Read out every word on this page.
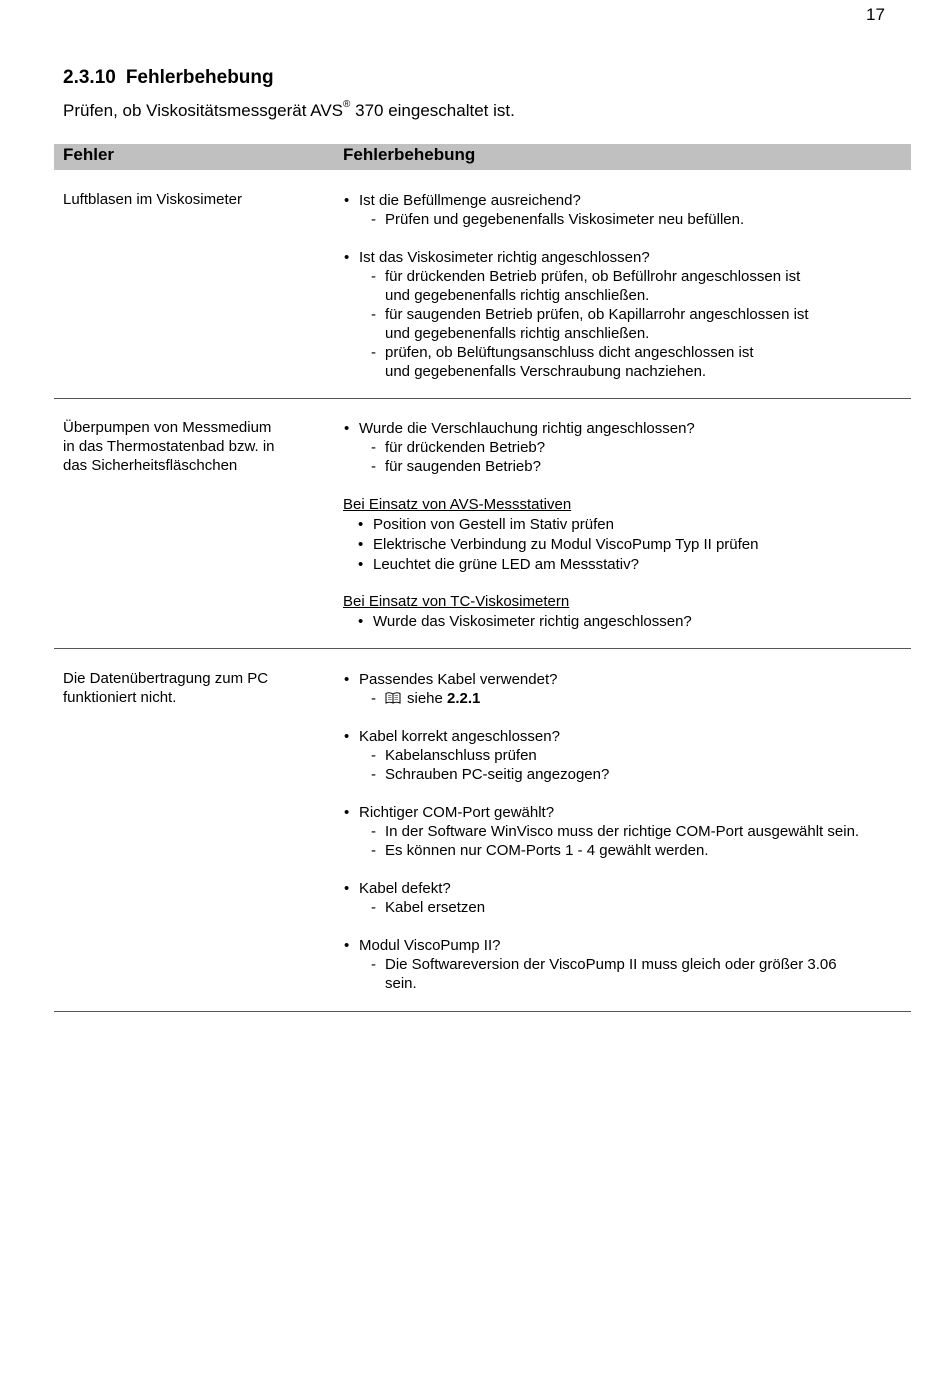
17
2.3.10 Fehlerbehebung
Prüfen, ob Viskositätsmessgerät AVS® 370 eingeschaltet ist.
Fehler	Fehlerbehebung
Luftblasen im Viskosimeter
•	Ist die Befüllmenge ausreichend?
- Prüfen und gegebenenfalls Viskosimeter neu befüllen.
• Ist das Viskosimeter richtig angeschlossen?
- für drückenden Betrieb prüfen, ob Befüllrohr angeschlossen ist
und gegebenenfalls richtig anschließen.
- für saugenden Betrieb prüfen, ob Kapillarrohr angeschlossen ist
und gegebenenfalls richtig anschließen.
- prüfen, ob Belüftungsanschluss dicht angeschlossen ist
und gegebenenfalls Verschraubung nachziehen.
Überpumpen von Messmedium
in das Thermostatenbad bzw. in
das Sicherheitsfläschchen
• Wurde die Verschlauchung richtig angeschlossen?
- für drückenden Betrieb?
- für saugenden Betrieb?
Bei Einsatz von AVS-Messstativen
• Position von Gestell im Stativ prüfen
• Elektrische Verbindung zu Modul ViscoPump Typ II prüfen
• Leuchtet die grüne LED am Messstativ?
Bei Einsatz von TC-Viskosimetern
• Wurde das Viskosimeter richtig angeschlossen?
Die Datenübertragung zum PC
funktioniert nicht.
• Passendes Kabel verwendet?
- siehe 2.2.1
• Kabel korrekt angeschlossen?
- Kabelanschluss prüfen
- Schrauben PC-seitig angezogen?
• Richtiger COM-Port gewählt?
- In der Software WinVisco muss der richtige COM-Port ausgewählt sein.
- Es können nur COM-Ports 1 - 4 gewählt werden.
• Kabel defekt?
- Kabel ersetzen
• Modul ViscoPump II?
- Die Softwareversion der ViscoPump II muss gleich oder größer 3.06
sein.
